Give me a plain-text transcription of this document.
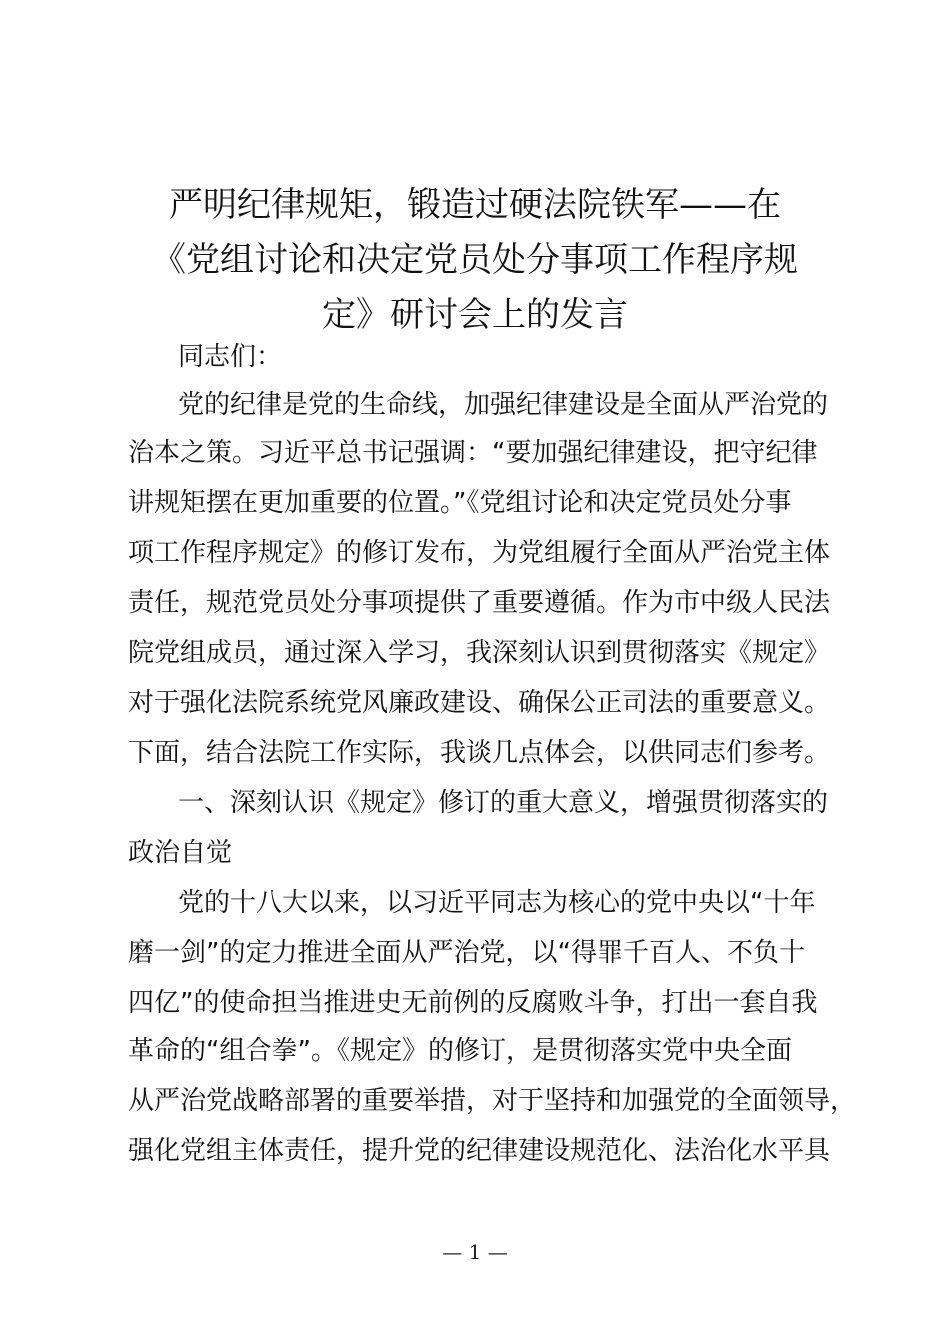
严明纪律规矩，锻造过硬法院铁军——在
《党组讨论和决定党员处分事项工作程序规
定》研讨会上的发言
同志们：
党的纪律是党的生命线，加强纪律建设是全面从严治党的
治本之策。习近平总书记强调：“要加强纪律建设，把守纪律
讲规矩摆在更加重要的位置。”《党组讨论和决定党员处分事
项工作程序规定》的修订发布，为党组履行全面从严治党主体
责任，规范党员处分事项提供了重要遵循。作为市中级人民法
院党组成员，通过深入学习，我深刻认识到贯彻落实《规定》
对于强化法院系统党风廉政建设、确保公正司法的重要意义。
下面，结合法院工作实际，我谈几点体会，以供同志们参考。
一、深刻认识《规定》修订的重大意义，增强贯彻落实的
政治自觉
党的十八大以来，以习近平同志为核心的党中央以“十年
磨一剑”的定力推进全面从严治党，以“得罪千百人、不负十
四亿”的使命担当推进史无前例的反腐败斗争，打出一套自我
革命的“组合拳”。《规定》的修订，是贯彻落实党中央全面
从严治党战略部署的重要举措，对于坚持和加强党的全面领导，
强化党组主体责任，提升党的纪律建设规范化、法治化水平具
— 1 —
